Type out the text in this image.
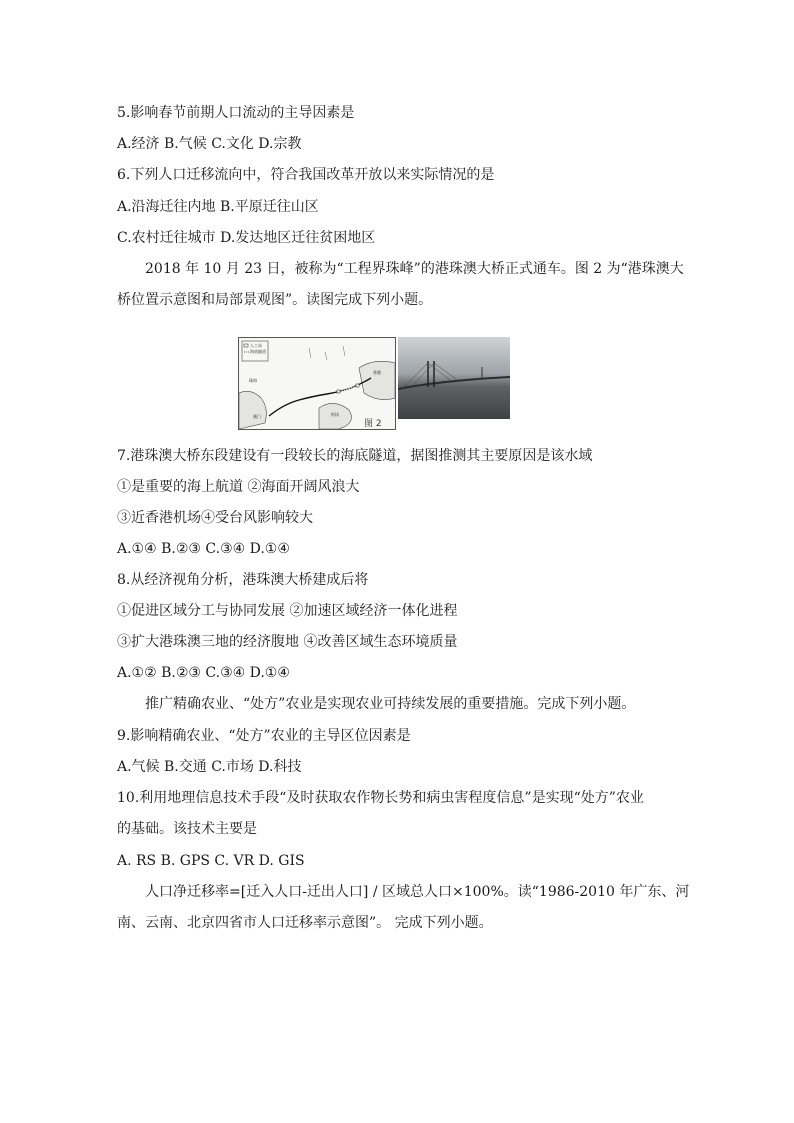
5.影响春节前期人口流动的主导因素是
A.经济 B.气候 C.文化 D.宗教
6.下列人口迁移流向中，符合我国改革开放以来实际情况的是
A.沿海迁往内地 B.平原迁往山区
C.农村迁往城市 D.发达地区迁往贫困地区
2018 年 10 月 23 日，被称为“工程界珠峰”的港珠澳大桥正式通车。图 2 为“港珠澳大
桥位置示意图和局部景观图”。读图完成下列小题。
人工岛
海底隧道
珠海
香港
澳门	机场
图 2
7.港珠澳大桥东段建设有一段较长的海底隧道，据图推测其主要原因是该水域
①是重要的海上航道 ②海面开阔风浪大
③近香港机场④受台风影响较大
A.①④ B.②③ C.③④ D.①④
8.从经济视角分析，港珠澳大桥建成后将
①促进区域分工与协同发展 ②加速区域经济一体化进程
③扩大港珠澳三地的经济腹地 ④改善区域生态环境质量
A.①② B.②③ C.③④ D.①④
推广精确农业、“处方”农业是实现农业可持续发展的重要措施。完成下列小题。
9.影响精确农业、“处方”农业的主导区位因素是
A.气候 B.交通 C.市场 D.科技
10.利用地理信息技术手段“及时获取农作物长势和病虫害程度信息”是实现“处方”农业
的基础。该技术主要是
A. RS B. GPS C. VR D. GIS
人口净迁移率=[迁入人口-迁出人口] / 区域总人口×100%。读“1986-2010 年广东、河
南、云南、北京四省市人口迁移率示意图”。 完成下列小题。
